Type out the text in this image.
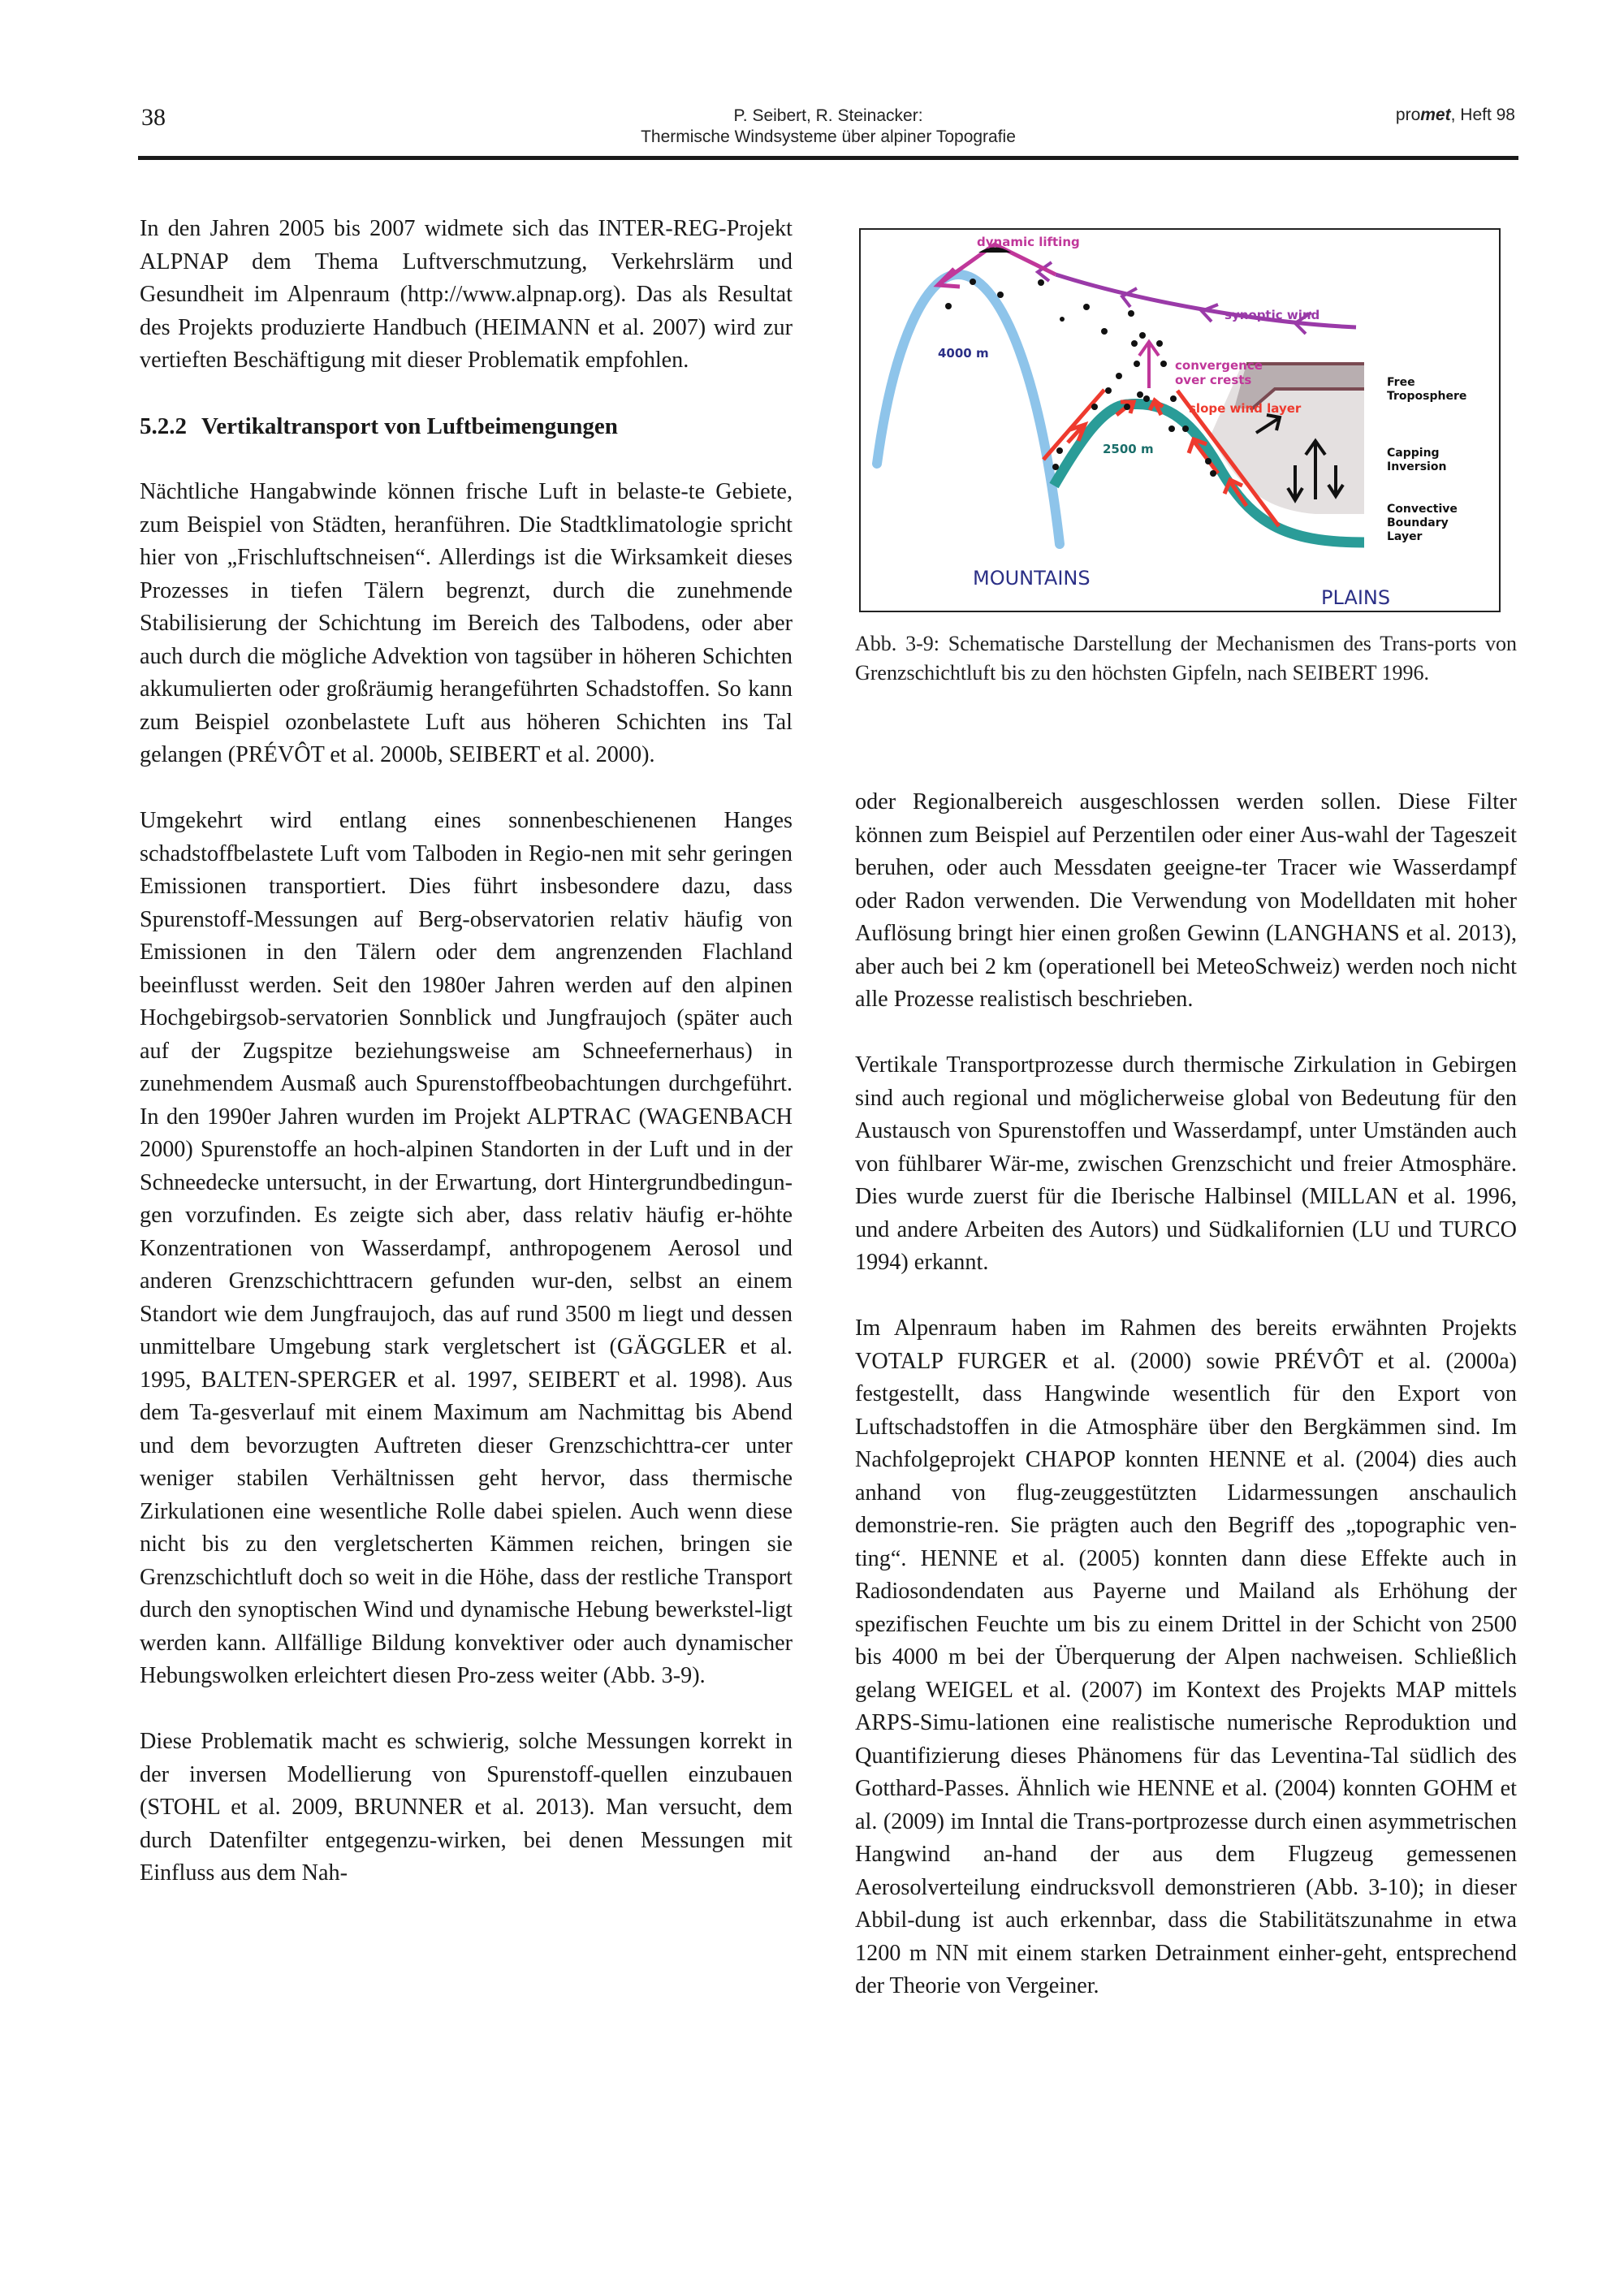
38	P. Seibert, R. Steinacker:
Thermische Windsysteme über alpiner Topografie
promet, Heft 98

In den Jahren 2005 bis 2007 widmete sich das INTER-REG-Projekt ALPNAP dem Thema Luftverschmutzung, Verkehrslärm und Gesundheit im Alpenraum (http://www.alpnap.org). Das als Resultat des Projekts produzierte Handbuch (HEIMANN et al. 2007) wird zur vertieften Beschäftigung mit dieser Problematik empfohlen.

5.2.2 Vertikaltransport von Luftbeimengungen

Nächtliche Hangabwinde können frische Luft in belaste-te Gebiete, zum Beispiel von Städten, heranführen. Die Stadtklimatologie spricht hier von „Frischluftschneisen“. Allerdings ist die Wirksamkeit dieses Prozesses in tiefen Tälern begrenzt, durch die zunehmende Stabilisierung der Schichtung im Bereich des Talbodens, oder aber auch durch die mögliche Advektion von tagsüber in höheren Schichten akkumulierten oder großräumig herangeführten Schadstoffen. So kann zum Beispiel ozonbelastete Luft aus höheren Schichten ins Tal gelangen (PRÉVÔT et al. 2000b, SEIBERT et al. 2000).

Umgekehrt wird entlang eines sonnenbeschienenen Hanges schadstoffbelastete Luft vom Talboden in Regio-nen mit sehr geringen Emissionen transportiert. Dies führt insbesondere dazu, dass Spurenstoff-Messungen auf Berg-observatorien relativ häufig von Emissionen in den Tälern oder dem angrenzenden Flachland beeinflusst werden. Seit den 1980er Jahren werden auf den alpinen Hochgebirgsob-servatorien Sonnblick und Jungfraujoch (später auch auf der Zugspitze beziehungsweise am Schneefernerhaus) in zunehmendem Ausmaß auch Spurenstoffbeobachtungen durchgeführt. In den 1990er Jahren wurden im Projekt ALPTRAC (WAGENBACH 2000) Spurenstoffe an hoch-alpinen Standorten in der Luft und in der Schneedecke untersucht, in der Erwartung, dort Hintergrundbedingun-gen vorzufinden. Es zeigte sich aber, dass relativ häufig er-höhte Konzentrationen von Wasserdampf, anthropogenem Aerosol und anderen Grenzschichttracern gefunden wur-den, selbst an einem Standort wie dem Jungfraujoch, das auf rund 3500 m liegt und dessen unmittelbare Umgebung stark vergletschert ist (GÄGGLER et al. 1995, BALTEN-SPERGER et al. 1997, SEIBERT et al. 1998). Aus dem Ta-gesverlauf mit einem Maximum am Nachmittag bis Abend und dem bevorzugten Auftreten dieser Grenzschichttra-cer unter weniger stabilen Verhältnissen geht hervor, dass thermische Zirkulationen eine wesentliche Rolle dabei spielen. Auch wenn diese nicht bis zu den vergletscherten Kämmen reichen, bringen sie Grenzschichtluft doch so weit in die Höhe, dass der restliche Transport durch den synoptischen Wind und dynamische Hebung bewerkstel-ligt werden kann. Allfällige Bildung konvektiver oder auch dynamischer Hebungswolken erleichtert diesen Pro-zess weiter (Abb. 3-9).

Diese Problematik macht es schwierig, solche Messungen korrekt in der inversen Modellierung von Spurenstoff-quellen einzubauen (STOHL et al. 2009, BRUNNER et al. 2013). Man versucht, dem durch Datenfilter entgegenzu-wirken, bei denen Messungen mit Einfluss aus dem Nah-

dynamic lifting
synoptic wind
convergence
over crests
slope wind layer
4000 m
2500 m
Free
Troposphere
Capping
Inversion
Convective
Boundary
Layer
MOUNTAINS
PLAINS
Abb. 3-9: Schematische Darstellung der Mechanismen des Trans-ports von Grenzschichtluft bis zu den höchsten Gipfeln, nach SEIBERT 1996.

oder Regionalbereich ausgeschlossen werden sollen. Diese Filter können zum Beispiel auf Perzentilen oder einer Aus-wahl der Tageszeit beruhen, oder auch Messdaten geeigne-ter Tracer wie Wasserdampf oder Radon verwenden. Die Verwendung von Modelldaten mit hoher Auflösung bringt hier einen großen Gewinn (LANGHANS et al. 2013), aber auch bei 2 km (operationell bei MeteoSchweiz) werden noch nicht alle Prozesse realistisch beschrieben.

Vertikale Transportprozesse durch thermische Zirkulation in Gebirgen sind auch regional und möglicherweise global von Bedeutung für den Austausch von Spurenstoffen und Wasserdampf, unter Umständen auch von fühlbarer Wär-me, zwischen Grenzschicht und freier Atmosphäre. Dies wurde zuerst für die Iberische Halbinsel (MILLAN et al. 1996, und andere Arbeiten des Autors) und Südkalifornien (LU und TURCO 1994) erkannt.

Im Alpenraum haben im Rahmen des bereits erwähnten Projekts VOTALP FURGER et al. (2000) sowie PRÉVÔT et al. (2000a) festgestellt, dass Hangwinde wesentlich für den Export von Luftschadstoffen in die Atmosphäre über den Bergkämmen sind. Im Nachfolgeprojekt CHAPOP konnten HENNE et al. (2004) dies auch anhand von flug-zeuggestützten Lidarmessungen anschaulich demonstrie-ren. Sie prägten auch den Begriff des „topographic ven-ting“. HENNE et al. (2005) konnten dann diese Effekte auch in Radiosondendaten aus Payerne und Mailand als Erhöhung der spezifischen Feuchte um bis zu einem Drittel in der Schicht von 2500 bis 4000 m bei der Überquerung der Alpen nachweisen. Schließlich gelang WEIGEL et al. (2007) im Kontext des Projekts MAP mittels ARPS-Simu-lationen eine realistische numerische Reproduktion und Quantifizierung dieses Phänomens für das Leventina-Tal südlich des Gotthard-Passes. Ähnlich wie HENNE et al. (2004) konnten GOHM et al. (2009) im Inntal die Trans-portprozesse durch einen asymmetrischen Hangwind an-hand der aus dem Flugzeug gemessenen Aerosolverteilung eindrucksvoll demonstrieren (Abb. 3-10); in dieser Abbil-dung ist auch erkennbar, dass die Stabilitätszunahme in etwa 1200 m NN mit einem starken Detrainment einher-geht, entsprechend der Theorie von Vergeiner.
